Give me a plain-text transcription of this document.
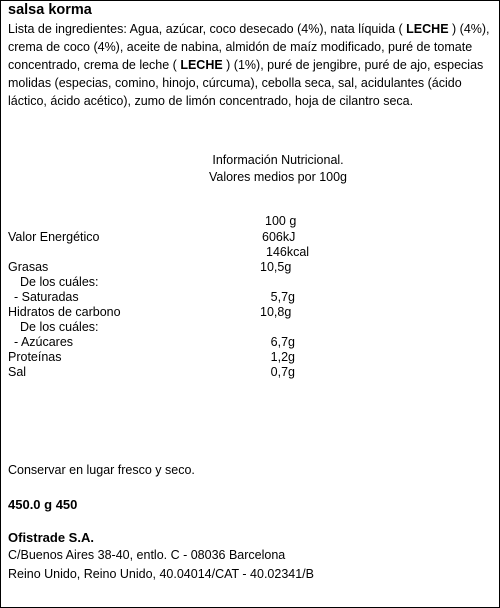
salsa korma
Lista de ingredientes: Agua, azúcar, coco desecado (4%), nata líquida ( LECHE ) (4%), crema de coco (4%), aceite de nabina, almidón de maíz modificado, puré de tomate concentrado, crema de leche ( LECHE ) (1%), puré de jengibre, puré de ajo, especias molidas (especias, comino, hinojo, cúrcuma), cebolla seca, sal, acidulantes (ácido láctico, ácido acético), zumo de limón concentrado, hoja de cilantro seca.
Información Nutricional.
Valores medios por 100g
100 g
Valor Energético	606kJ
146kcal
Grasas	10,5g
De los cuáles:
- Saturadas	5,7g
Hidratos de carbono	10,8g
De los cuáles:
- Azúcares	6,7g
Proteínas	1,2g
Sal	0,7g
Conservar en lugar fresco y seco.
450.0 g 450
Ofistrade S.A.
C/Buenos Aires 38-40, entlo. C - 08036 Barcelona
Reino Unido, Reino Unido, 40.04014/CAT - 40.02341/B
